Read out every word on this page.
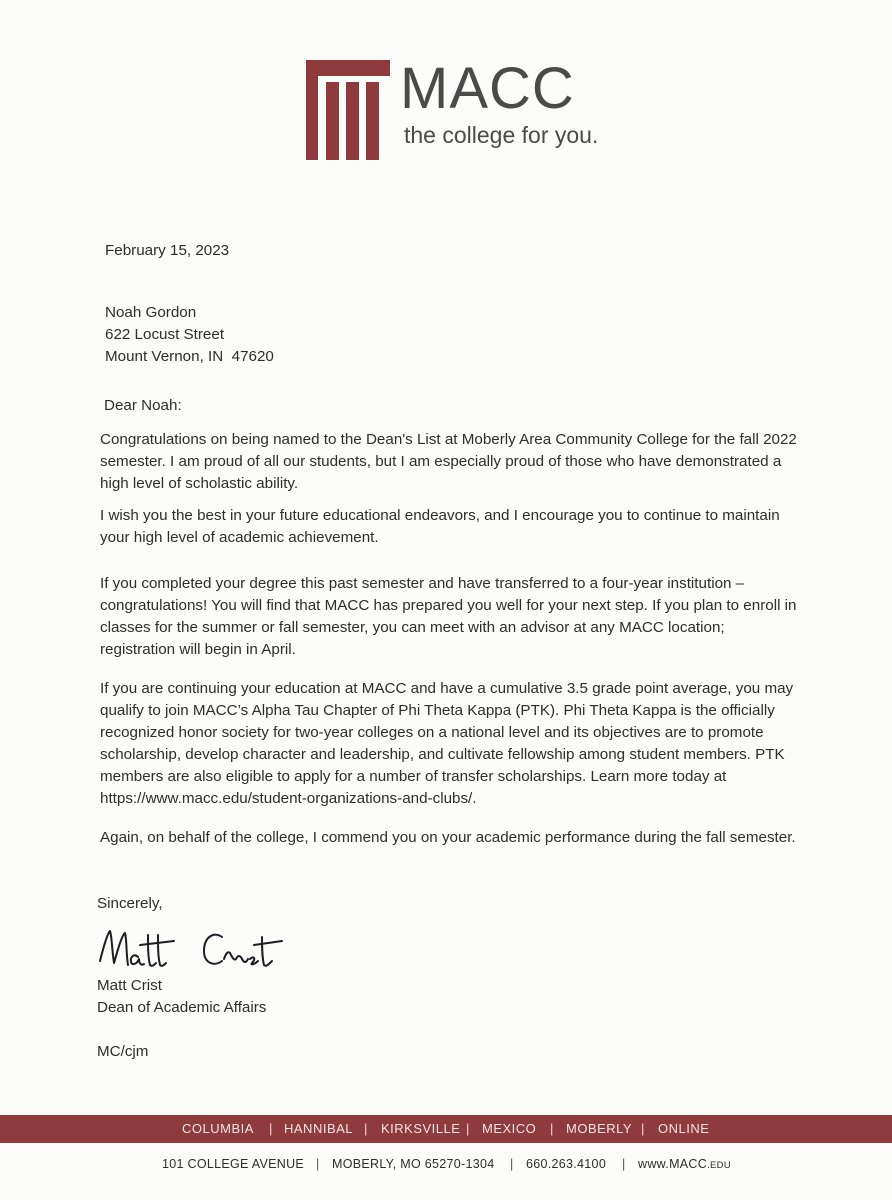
MACC
the college for you.

February 15, 2023

Noah Gordon
622 Locust Street
Mount Vernon, IN  47620

Dear Noah:

Congratulations on being named to the Dean's List at Moberly Area Community College for the fall 2022 semester. I am proud of all our students, but I am especially proud of those who have demonstrated a high level of scholastic ability.

I wish you the best in your future educational endeavors, and I encourage you to continue to maintain your high level of academic achievement.

If you completed your degree this past semester and have transferred to a four-year institution – congratulations! You will find that MACC has prepared you well for your next step. If you plan to enroll in classes for the summer or fall semester, you can meet with an advisor at any MACC location; registration will begin in April.

If you are continuing your education at MACC and have a cumulative 3.5 grade point average, you may qualify to join MACC’s Alpha Tau Chapter of Phi Theta Kappa (PTK). Phi Theta Kappa is the officially recognized honor society for two-year colleges on a national level and its objectives are to promote scholarship, develop character and leadership, and cultivate fellowship among student members. PTK members are also eligible to apply for a number of transfer scholarships. Learn more today at https://www.macc.edu/student-organizations-and-clubs/.

Again, on behalf of the college, I commend you on your academic performance during the fall semester.

Sincerely,

Matt Crist

Dean of Academic Affairs

MC/cjm

COLUMBIA | HANNIBAL | KIRKSVILLE | MEXICO | MOBERLY | ONLINE
101 COLLEGE AVENUE | MOBERLY, MO 65270-1304 | 660.263.4100 | www.MACC.EDU
